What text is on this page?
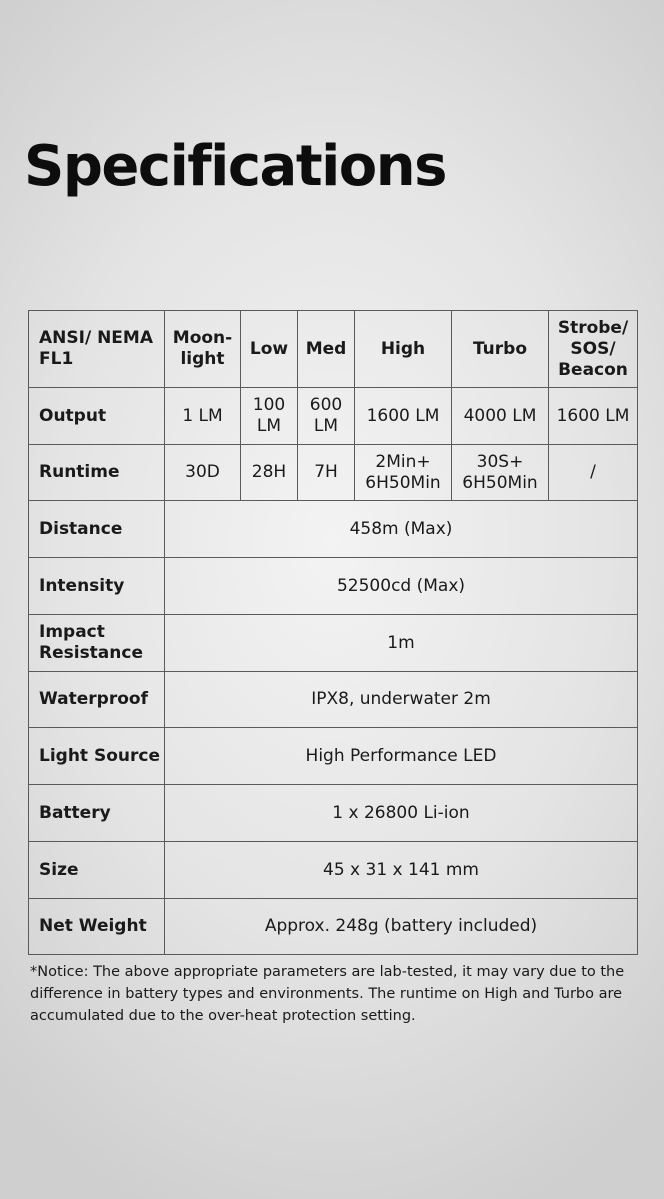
Specifications
ANSI/ NEMA FL1	Moon-light	Low	Med	High	Turbo	Strobe/ SOS/ Beacon
Output	1 LM	100 LM	600 LM	1600 LM	4000 LM	1600 LM
Runtime	30D	28H	7H	2Min+ 6H50Min	30S+ 6H50Min	/
Distance	458m (Max)					
Intensity	52500cd (Max)					
Impact Resistance	1m					
Waterproof	IPX8, underwater 2m					
Light Source	High Performance LED					
Battery	1 x 26800 Li-ion					
Size	45 x 31 x 141 mm					
Net Weight	Approx. 248g (battery included)					

*Notice: The above appropriate parameters are lab-tested, it may vary due to the difference in battery types and environments. The runtime on High and Turbo are accumulated due to the over-heat protection setting.
